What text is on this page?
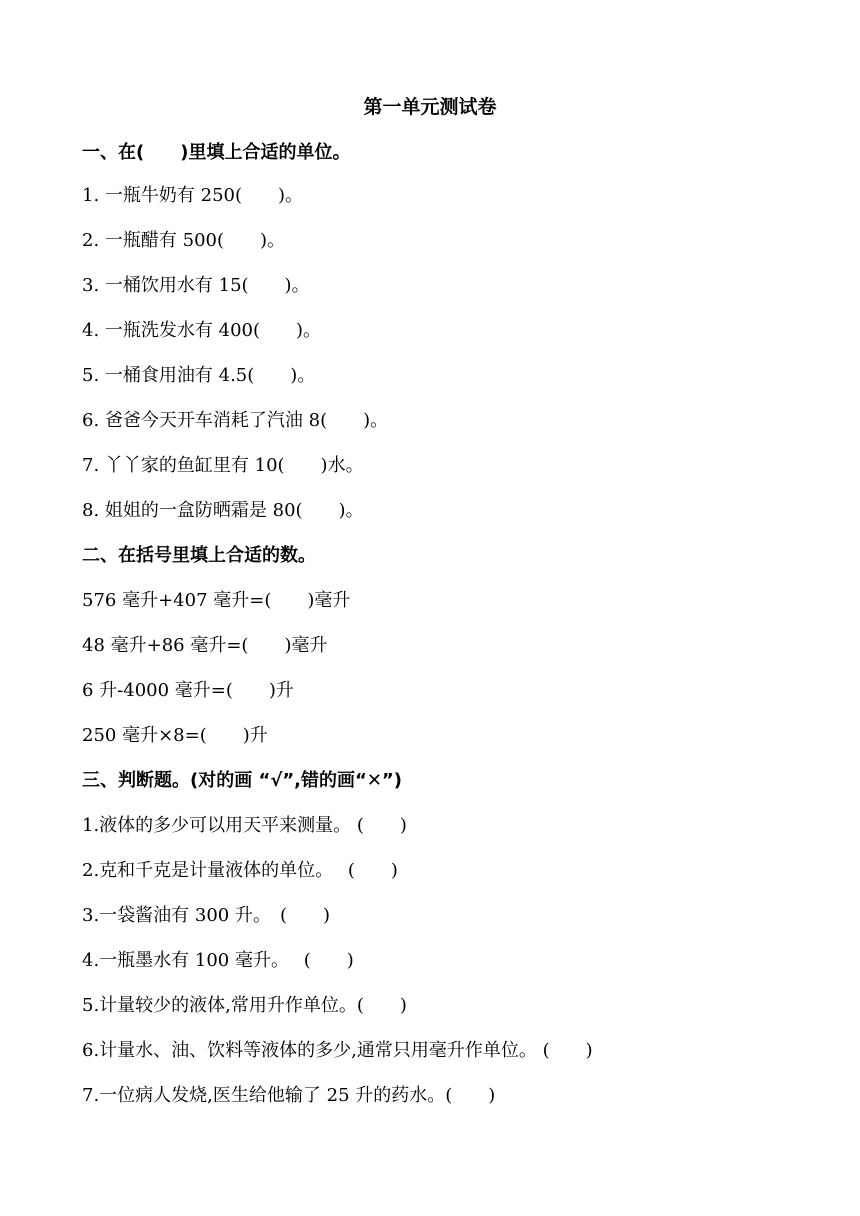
第一单元测试卷
一、在(　　)里填上合适的单位。
1. 一瓶牛奶有 250(　　)。
2. 一瓶醋有 500(　　)。
3. 一桶饮用水有 15(　　)。
4. 一瓶洗发水有 400(　　)。
5. 一桶食用油有 4.5(　　)。
6. 爸爸今天开车消耗了汽油 8(　　)。
7. 丫丫家的鱼缸里有 10(　　)水。
8. 姐姐的一盒防晒霜是 80(　　)。
二、在括号里填上合适的数。
576 毫升+407 毫升=(　　)毫升
48 毫升+86 毫升=(　　)毫升
6 升-4000 毫升=(　　)升
250 毫升×8=(　　)升
三、判断题。(对的画 “√”,错的画“✕”)
1.液体的多少可以用天平来测量。 (　　)
2.克和千克是计量液体的单位。　 (　　)
3.一袋酱油有 300 升。　(　　)
4.一瓶墨水有 100 毫升。　 (　　)
5.计量较少的液体,常用升作单位。(　　)
6.计量水、油、饮料等液体的多少,通常只用毫升作单位。 (　　)
7.一位病人发烧,医生给他输了 25 升的药水。(　　)
